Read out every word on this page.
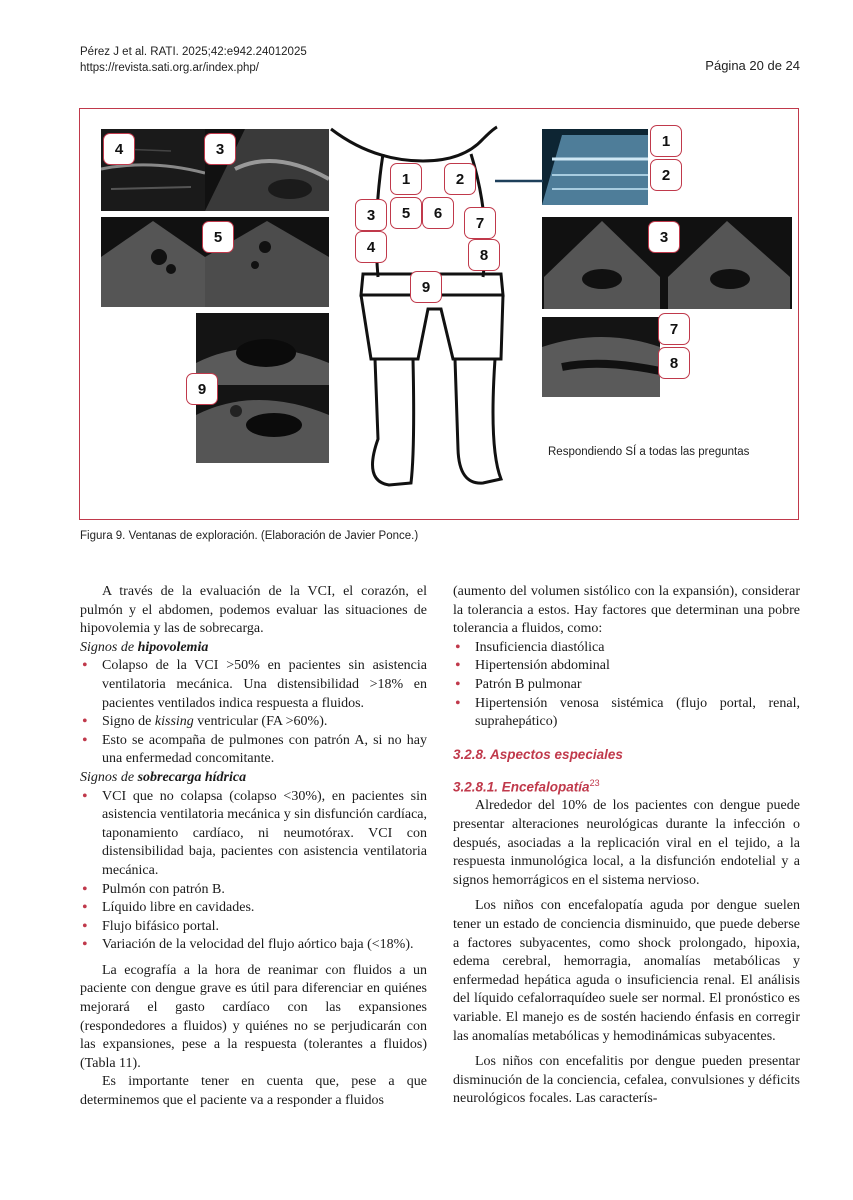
Pérez J et al. RATI. 2025;42:e942.24012025
https://revista.sati.org.ar/index.php/	Página 20 de 24
4	3
5
9
1	2
3	5	6
4
7
8
9
1
2
3
7
8
Respondiendo SÍ a todas las preguntas
Figura 9. Ventanas de exploración. (Elaboración de Javier Ponce.)

A través de la evaluación de la VCI, el corazón, el pulmón y el abdomen, podemos evaluar las situaciones de hipovolemia y las de sobrecarga.

Signos de hipovolemia

• Colapso de la VCI >50% en pacientes sin asistencia ventilatoria mecánica. Una distensibilidad >18% en pacientes ventilados indica respuesta a fluidos.
• Signo de kissing ventricular (FA >60%).
• Esto se acompaña de pulmones con patrón A, si no hay una enfermedad concomitante.

Signos de sobrecarga hídrica

• VCI que no colapsa (colapso <30%), en pacientes sin asistencia ventilatoria mecánica y sin disfunción cardíaca, taponamiento cardíaco, ni neumotórax. VCI con distensibilidad baja, pacientes con asistencia ventilatoria mecánica.
• Pulmón con patrón B.
• Líquido libre en cavidades.
• Flujo bifásico portal.
• Variación de la velocidad del flujo aórtico baja (<18%).

La ecografía a la hora de reanimar con fluidos a un paciente con dengue grave es útil para diferenciar en quiénes mejorará el gasto cardíaco con las expansiones (respondedores a fluidos) y quiénes no se perjudicarán con las expansiones, pese a la respuesta (tolerantes a fluidos) (Tabla 11).

Es importante tener en cuenta que, pese a que determinemos que el paciente va a responder a fluidos

(aumento del volumen sistólico con la expansión), considerar la tolerancia a estos. Hay factores que determinan una pobre tolerancia a fluidos, como:

• Insuficiencia diastólica
• Hipertensión abdominal
• Patrón B pulmonar
• Hipertensión venosa sistémica (flujo portal, renal, suprahepático)

3.2.8. Aspectos especiales

3.2.8.1. Encefalopatía$^{23}$

Alrededor del 10% de los pacientes con dengue puede presentar alteraciones neurológicas durante la infección o después, asociadas a la replicación viral en el tejido, a la respuesta inmunológica local, a la disfunción endotelial y a signos hemorrágicos en el sistema nervioso.

Los niños con encefalopatía aguda por dengue suelen tener un estado de conciencia disminuido, que puede deberse a factores subyacentes, como shock prolongado, hipoxia, edema cerebral, hemorragia, anomalías metabólicas y enfermedad hepática aguda o insuficiencia renal. El análisis del líquido cefalorraquídeo suele ser normal. El pronóstico es variable. El manejo es de sostén haciendo énfasis en corregir las anomalías metabólicas y hemodinámicas subyacentes.

Los niños con encefalitis por dengue pueden presentar disminución de la conciencia, cefalea, convulsiones y déficits neurológicos focales. Las caracterís-
